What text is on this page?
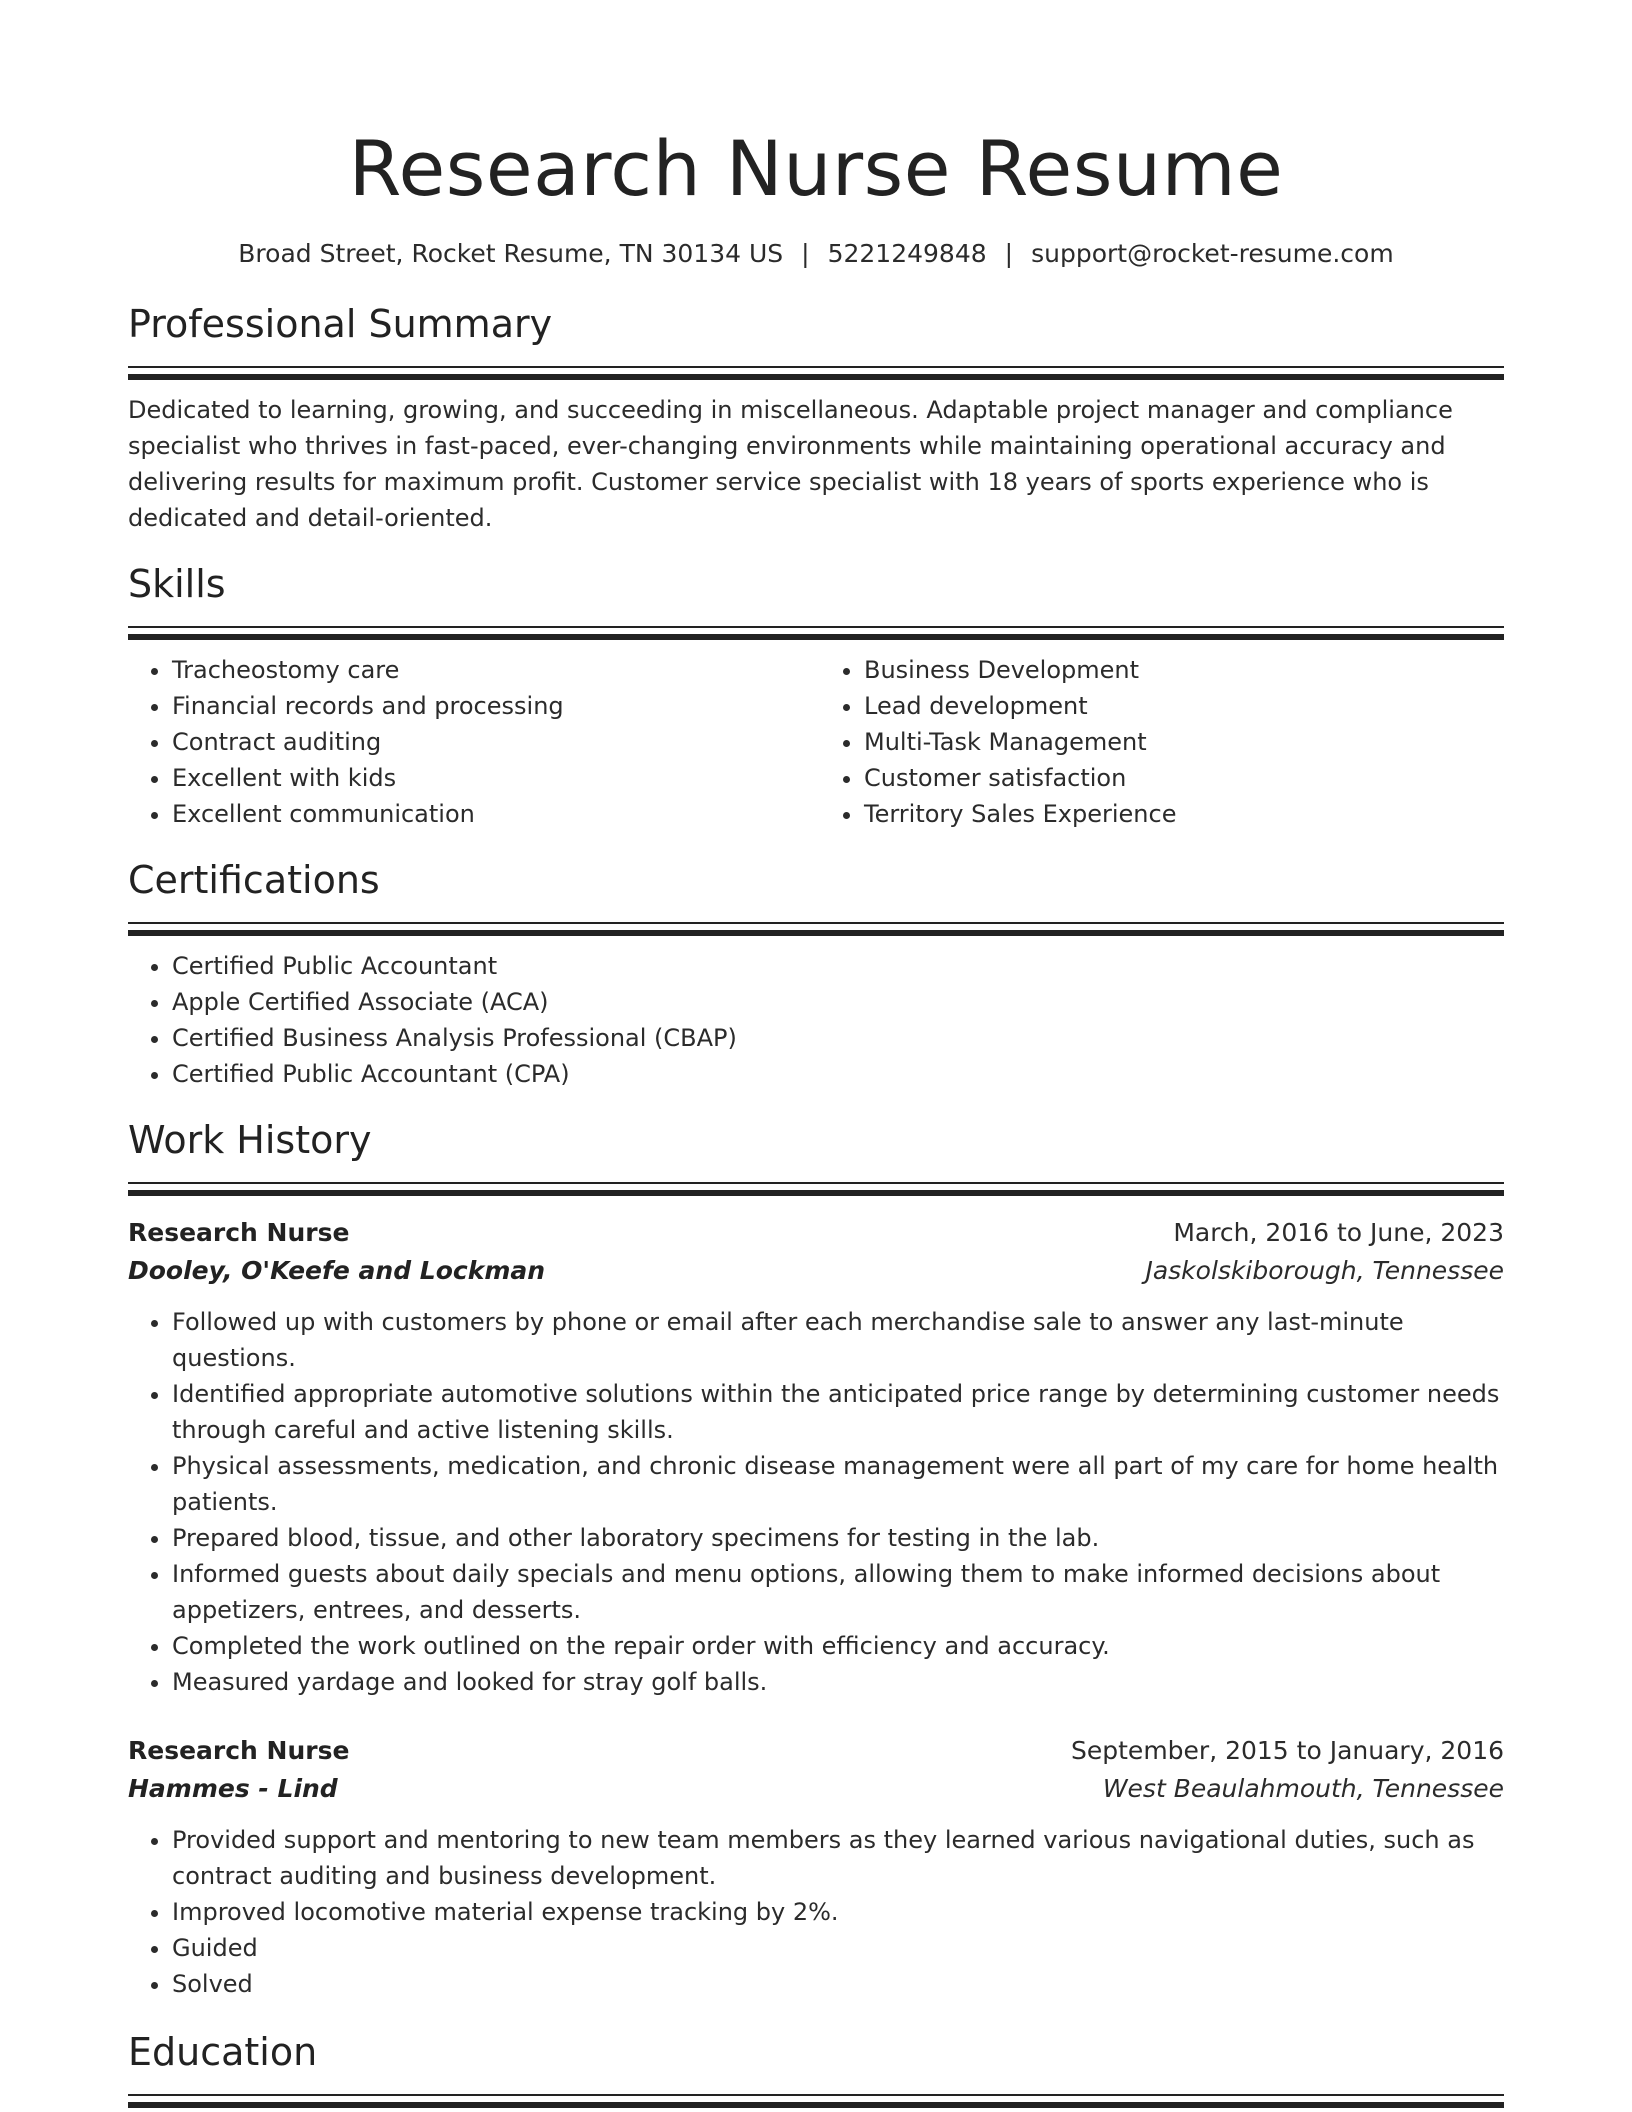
Research Nurse Resume
Broad Street, Rocket Resume, TN 30134 US | 5221249848 | support@rocket-resume.com
Professional Summary

Dedicated to learning, growing, and succeeding in miscellaneous. Adaptable project manager and compliance specialist who thrives in fast-paced, ever-changing environments while maintaining operational accuracy and delivering results for maximum profit. Customer service specialist with 18 years of sports experience who is dedicated and detail-oriented.

Skills
• Tracheostomy care
• Financial records and processing
• Contract auditing
• Excellent with kids
• Excellent communication
• Business Development
• Lead development
• Multi-Task Management
• Customer satisfaction
• Territory Sales Experience
Certifications
• Certified Public Accountant
• Apple Certified Associate (ACA)
• Certified Business Analysis Professional (CBAP)
• Certified Public Accountant (CPA)
Work History
Research Nurse	March, 2016 to June, 2023
Dooley, O'Keefe and Lockman	Jaskolskiborough, Tennessee
• Followed up with customers by phone or email after each merchandise sale to answer any last-minute questions.
• Identified appropriate automotive solutions within the anticipated price range by determining customer needs through careful and active listening skills.
• Physical assessments, medication, and chronic disease management were all part of my care for home health patients.
• Prepared blood, tissue, and other laboratory specimens for testing in the lab.
• Informed guests about daily specials and menu options, allowing them to make informed decisions about appetizers, entrees, and desserts.
• Completed the work outlined on the repair order with efficiency and accuracy.
• Measured yardage and looked for stray golf balls.
Research Nurse	September, 2015 to January, 2016
Hammes - Lind	West Beaulahmouth, Tennessee
• Provided support and mentoring to new team members as they learned various navigational duties, such as contract auditing and business development.
• Improved locomotive material expense tracking by 2%.
• Guided
• Solved
Education
